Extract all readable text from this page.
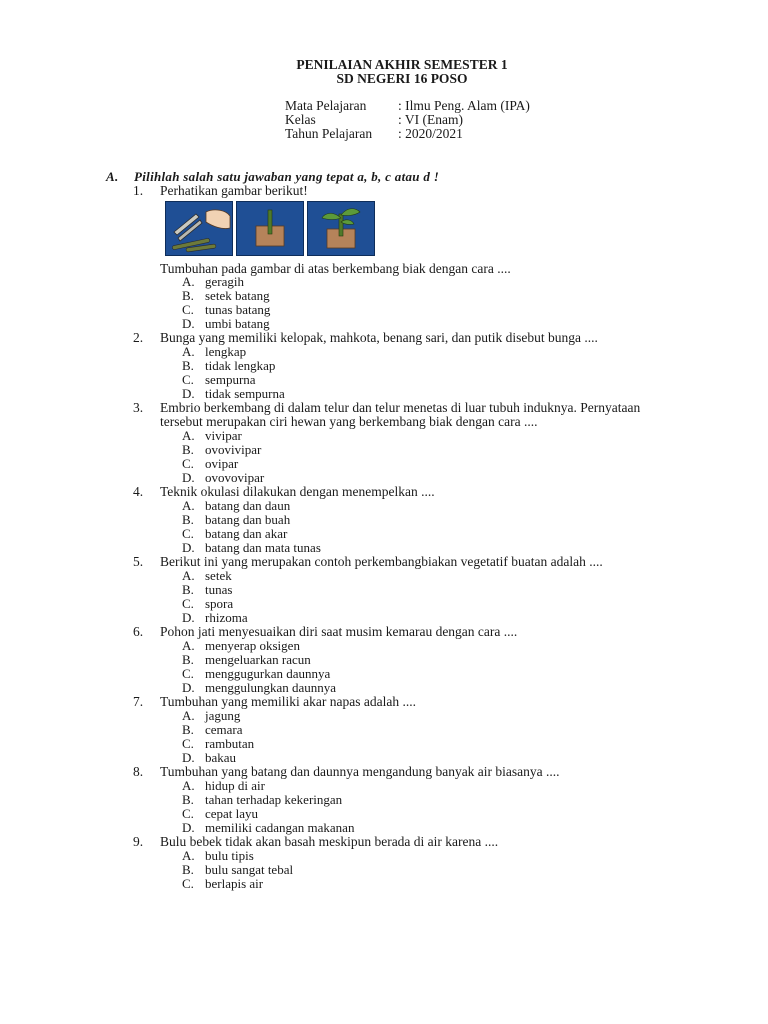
PENILAIAN AKHIR SEMESTER 1
SD NEGERI 16 POSO
Mata Pelajaran	: Ilmu Peng. Alam (IPA)
Kelas	: VI (Enam)
Tahun Pelajaran	: 2020/2021
A. Pilihlah salah satu jawaban yang tepat a, b, c atau d !
1.	Perhatikan gambar berikut!
Tumbuhan pada gambar di atas berkembang biak dengan cara ....
A. geragih
B. setek batang
C. tunas batang
D. umbi batang
2.	Bunga yang memiliki kelopak, mahkota, benang sari, dan putik disebut bunga ....
A. lengkap
B. tidak lengkap
C. sempurna
D. tidak sempurna
3.	Embrio berkembang di dalam telur dan telur menetas di luar tubuh induknya. Pernyataan
tersebut merupakan ciri hewan yang berkembang biak dengan cara ....
A. vivipar
B. ovovivipar
C. ovipar
D. ovovovipar
4.	Teknik okulasi dilakukan dengan menempelkan ....
A. batang dan daun
B. batang dan buah
C. batang dan akar
D. batang dan mata tunas
5.	Berikut ini yang merupakan contoh perkembangbiakan vegetatif buatan adalah ....
A. setek
B. tunas
C. spora
D. rhizoma
6.	Pohon jati menyesuaikan diri saat musim kemarau dengan cara ....
A. menyerap oksigen
B. mengeluarkan racun
C. menggugurkan daunnya
D. menggulungkan daunnya
7.	Tumbuhan yang memiliki akar napas adalah ....
A. jagung
B. cemara
C. rambutan
D. bakau
8.	Tumbuhan yang batang dan daunnya mengandung banyak air biasanya ....
A. hidup di air
B. tahan terhadap kekeringan
C. cepat layu
D. memiliki cadangan makanan
9.	Bulu bebek tidak akan basah meskipun berada di air karena ....
A. bulu tipis
B. bulu sangat tebal
C. berlapis air
